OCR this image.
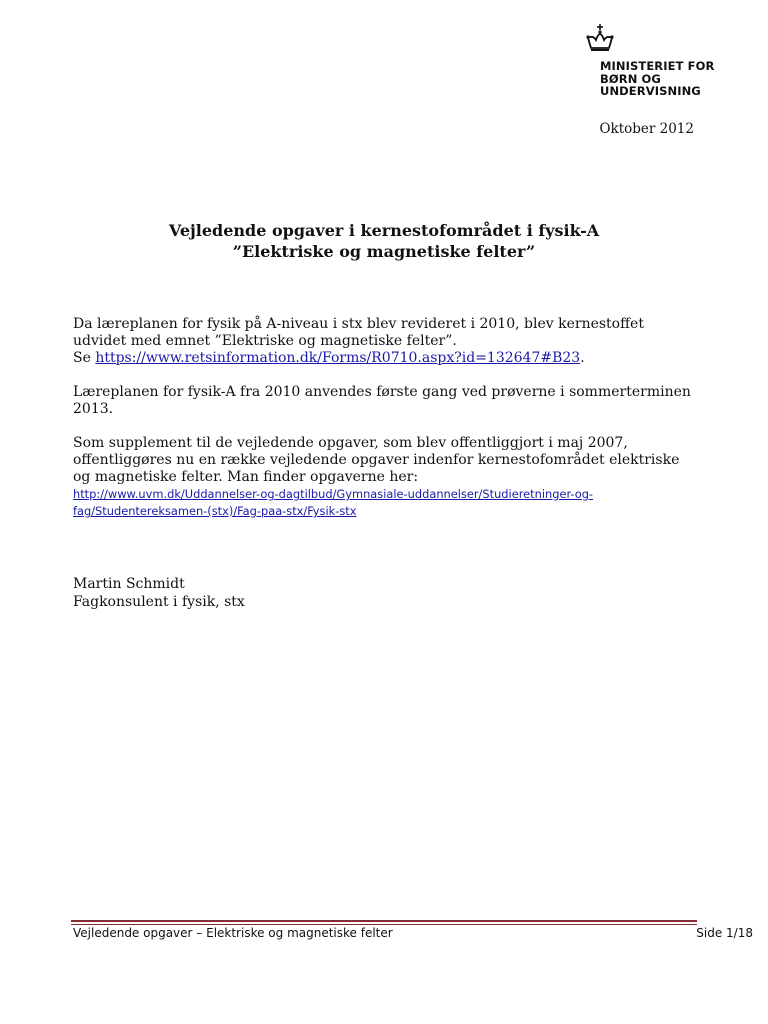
MINISTERIET FOR
BØRN OG
UNDERVISNING
Oktober 2012
Vejledende opgaver i kernestofområdet i fysik-A
”Elektriske og magnetiske felter”
Da læreplanen for fysik på A-niveau i stx blev revideret i 2010, blev kernestoffet
udvidet med emnet ”Elektriske og magnetiske felter”.
Se https://www.retsinformation.dk/Forms/R0710.aspx?id=132647#B23.
Læreplanen for fysik-A fra 2010 anvendes første gang ved prøverne i sommerterminen
2013.
Som supplement til de vejledende opgaver, som blev offentliggjort i maj 2007,
offentliggøres nu en række vejledende opgaver indenfor kernestofområdet elektriske
og magnetiske felter. Man finder opgaverne her:
http://www.uvm.dk/Uddannelser-og-dagtilbud/Gymnasiale-uddannelser/Studieretninger-og-
fag/Studentereksamen-(stx)/Fag-paa-stx/Fysik-stx
Martin Schmidt
Fagkonsulent i fysik, stx
Vejledende opgaver – Elektriske og magnetiske felter	Side 1/18
